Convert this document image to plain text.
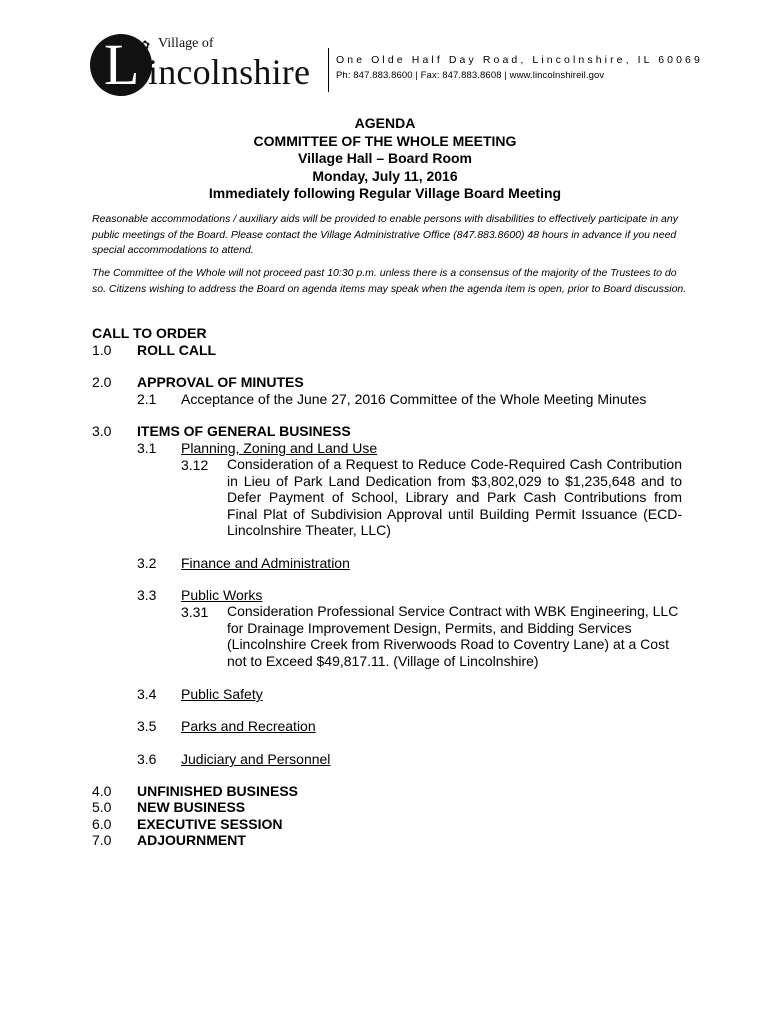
L ✿ Village of
incolnshire One Olde Half Day Road, Lincolnshire, IL 60069
Ph: 847.883.8600 | Fax: 847.883.8608 | www.lincolnshireil.gov
AGENDA
COMMITTEE OF THE WHOLE MEETING
Village Hall – Board Room
Monday, July 11, 2016
Immediately following Regular Village Board Meeting
Reasonable accommodations / auxiliary aids will be provided to enable persons with disabilities to effectively participate in any public meetings of the Board. Please contact the Village Administrative Office (847.883.8600) 48 hours in advance if you need special accommodations to attend.
The Committee of the Whole will not proceed past 10:30 p.m. unless there is a consensus of the majority of the Trustees to do so. Citizens wishing to address the Board on agenda items may speak when the agenda item is open, prior to Board discussion.
CALL TO ORDER
1.0 ROLL CALL
2.0 APPROVAL OF MINUTES
2.1 Acceptance of the June 27, 2016 Committee of the Whole Meeting Minutes
3.0 ITEMS OF GENERAL BUSINESS
3.1 Planning, Zoning and Land Use
3.12 Consideration of a Request to Reduce Code-Required Cash Contribution in Lieu of Park Land Dedication from $3,802,029 to $1,235,648 and to Defer Payment of School, Library and Park Cash Contributions from Final Plat of Subdivision Approval until Building Permit Issuance (ECD-Lincolnshire Theater, LLC)
3.2 Finance and Administration
3.3 Public Works
3.31 Consideration Professional Service Contract with WBK Engineering, LLC for Drainage Improvement Design, Permits, and Bidding Services (Lincolnshire Creek from Riverwoods Road to Coventry Lane) at a Cost not to Exceed $49,817.11. (Village of Lincolnshire)
3.4 Public Safety
3.5 Parks and Recreation
3.6 Judiciary and Personnel
4.0 UNFINISHED BUSINESS
5.0 NEW BUSINESS
6.0 EXECUTIVE SESSION
7.0 ADJOURNMENT
